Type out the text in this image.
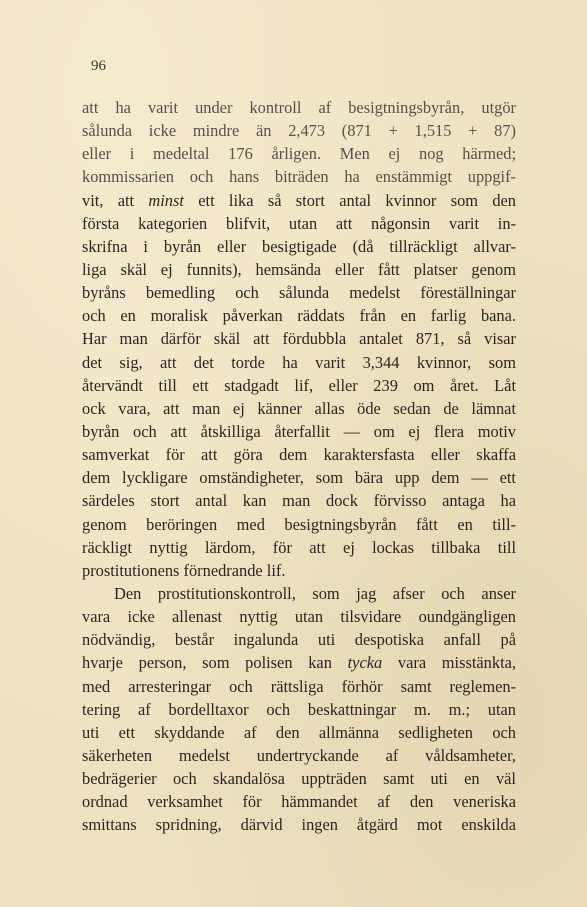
96
att ha varit under kontroll af besigtningsbyrån, utgör
sålunda icke mindre än 2,473 (871 + 1,515 + 87)
eller i medeltal 176 årligen. Men ej nog härmed;
kommissarien och hans biträden ha enstämmigt uppgif-
vit, att minst ett lika så stort antal kvinnor som den
första kategorien blifvit, utan att någonsin varit in-
skrifna i byrån eller besigtigade (då tillräckligt allvar-
liga skäl ej funnits), hemsända eller fått platser genom
byråns bemedling och sålunda medelst föreställningar
och en moralisk påverkan räddats från en farlig bana.
Har man därför skäl att fördubbla antalet 871, så visar
det sig, att det torde ha varit 3,344 kvinnor, som
återvändt till ett stadgadt lif, eller 239 om året. Låt
ock vara, att man ej känner allas öde sedan de lämnat
byrån och att åtskilliga återfallit — om ej flera motiv
samverkat för att göra dem karaktersfasta eller skaffa
dem lyckligare omständigheter, som bära upp dem — ett
särdeles stort antal kan man dock förvisso antaga ha
genom beröringen med besigtningsbyrån fått en till-
räckligt nyttig lärdom, för att ej lockas tillbaka till
prostitutionens förnedrande lif.
Den prostitutionskontroll, som jag afser och anser
vara icke allenast nyttig utan tilsvidare oundgängligen
nödvändig, består ingalunda uti despotiska anfall på
hvarje person, som polisen kan tycka vara misstänkta,
med arresteringar och rättsliga förhör samt reglemen-
tering af bordelltaxor och beskattningar m. m.; utan
uti ett skyddande af den allmänna sedligheten och
säkerheten medelst undertryckande af våldsamheter,
bedrägerier och skandalösa uppträden samt uti en väl
ordnad verksamhet för hämmandet af den veneriska
smittans spridning, därvid ingen åtgärd mot enskilda
